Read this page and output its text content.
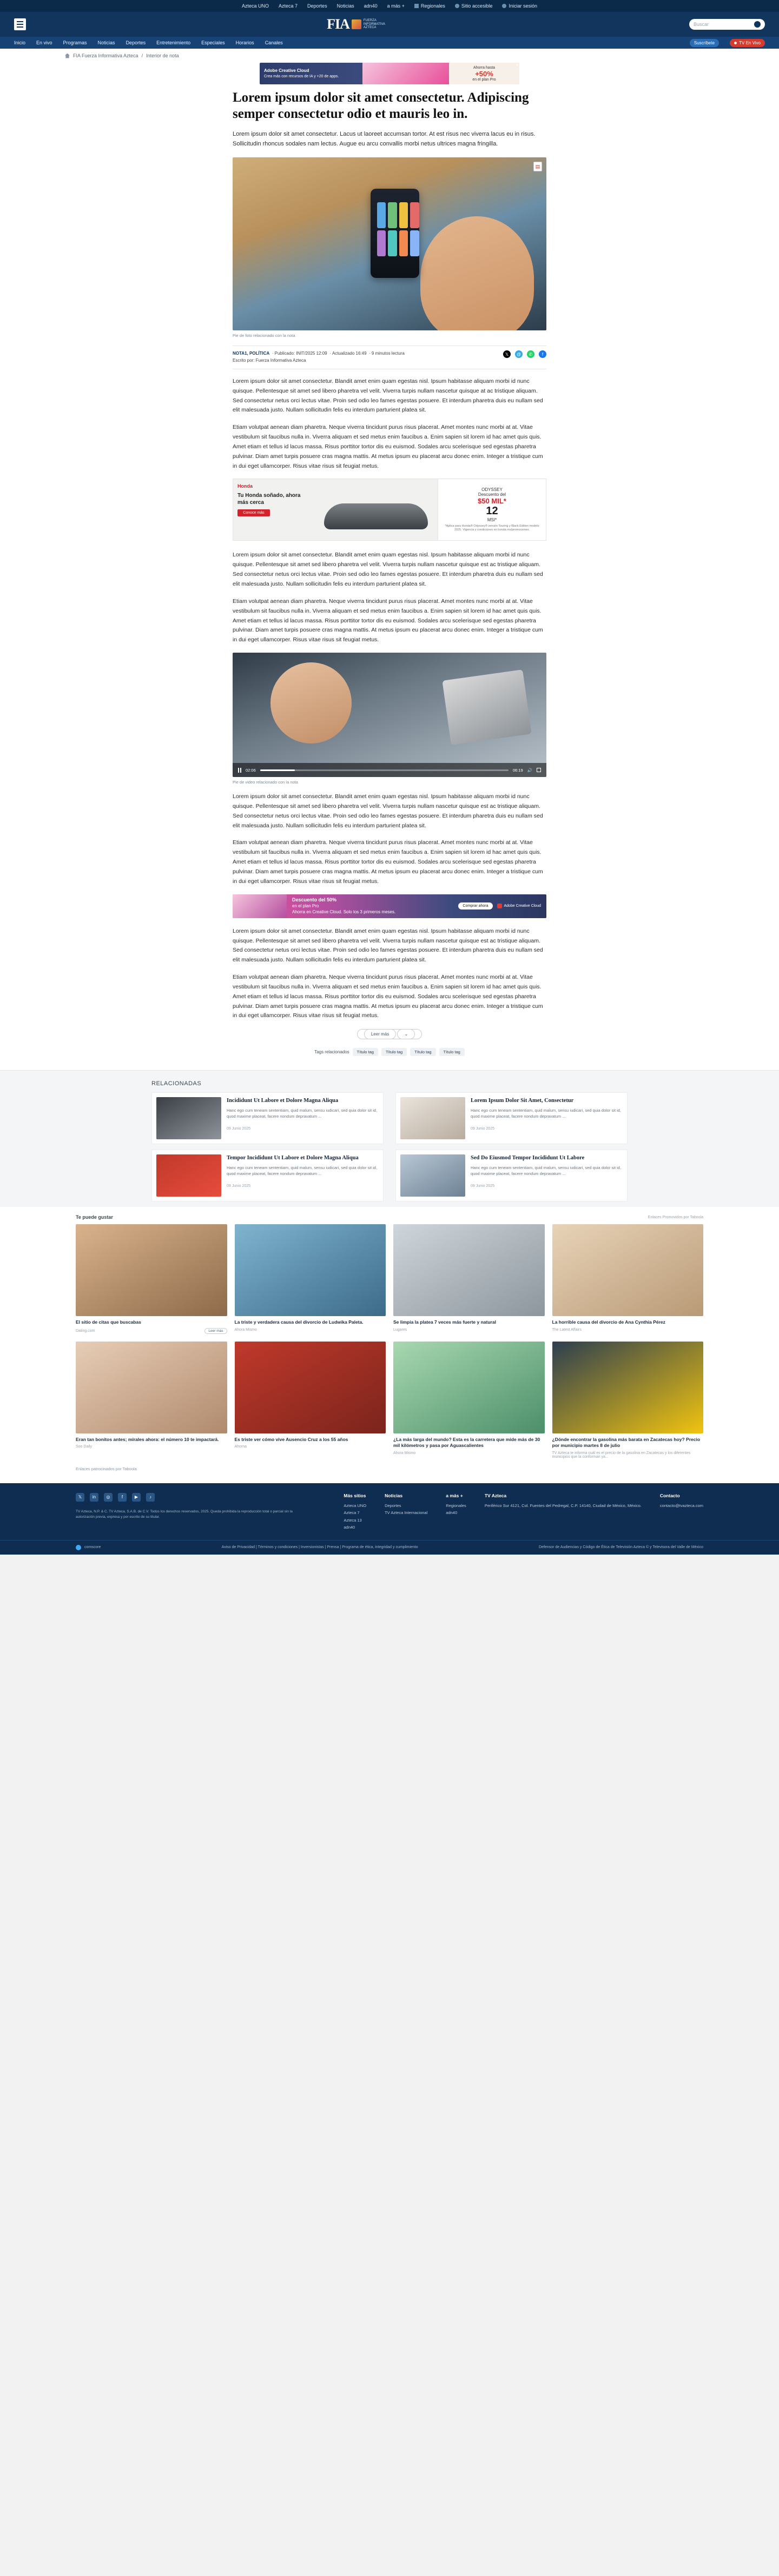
Azteca UNO Azteca 7 Deportes Noticias adn40 a más +	Regionales	Sitio accesible	Iniciar sesión
FIA	FUERZA INFORMATIVA AZTECA
Buscar
Inicio En vivo Programas Noticias Deportes Entretenimiento Especiales Horarios Canales	Suscríbete	TV En Vivo
FIA Fuerza Informativa Azteca / Interior de nota
Adobe Creative Cloud
Crea más con recursos de IA y +20 de apps.
Ahorra hasta
+50%
en el plan Pro
✕
Lorem ipsum dolor sit amet consectetur. Adipiscing semper consectetur odio et mauris leo in.
Lorem ipsum dolor sit amet consectetur. Lacus ut laoreet accumsan tortor. At est risus nec viverra lacus eu in risus. Sollicitudin rhoncus sodales nam lectus. Augue eu arcu convallis morbi netus ultrices magna fringilla.
▤
Pie de foto relacionado con la nota
NOTA1, POLÍTICA  · Publicado: INIT/2025 12:09  · Actualizado 16:49  · 9 minutos lectura
Escrito por: Fuerza Informativa Azteca
𝕏	@	✆	f

Lorem ipsum dolor sit amet consectetur. Blandit amet enim quam egestas nisl. Ipsum habitasse aliquam morbi id nunc quisque. Pellentesque sit amet sed libero pharetra vel velit. Viverra turpis nullam nascetur quisque at ac tristique aliquam. Sed consectetur netus orci lectus vitae. Proin sed odio leo fames egestas posuere. Et interdum pharetra duis eu nullam sed elit malesuada justo. Nullam sollicitudin felis eu interdum parturient platea sit.

Etiam volutpat aenean diam pharetra. Neque viverra tincidunt purus risus placerat. Amet montes nunc morbi at at. Vitae vestibulum sit faucibus nulla in. Viverra aliquam et sed metus enim faucibus a. Enim sapien sit lorem id hac amet quis quis. Amet etiam et tellus id lacus massa. Risus porttitor tortor dis eu euismod. Sodales arcu scelerisque sed egestas pharetra pulvinar. Diam amet turpis posuere cras magna mattis. At metus ipsum eu placerat arcu donec enim. Integer a tristique cum in dui eget ullamcorper. Risus vitae risus sit feugiat metus.

Honda
Tu Honda soñado, ahora más cerca
Conoce más
ODYSSEY
Descuento del
$50 MIL*
12
MSI*
*Aplica para Honda® Odyssey® versión Touring y Black Edition modelo 2025. Vigencia y condiciones en honda.mx/promociones.

Lorem ipsum dolor sit amet consectetur. Blandit amet enim quam egestas nisl. Ipsum habitasse aliquam morbi id nunc quisque. Pellentesque sit amet sed libero pharetra vel velit. Viverra turpis nullam nascetur quisque est ac tristique aliquam. Sed consectetur netus orci lectus vitae. Proin sed odio leo fames egestas posuere. Et interdum pharetra duis eu nullam sed elit malesuada justo. Nullam sollicitudin felis eu interdum parturient platea sit.

Etiam volutpat aenean diam pharetra. Neque viverra tincidunt purus risus placerat. Amet montes nunc morbi at at. Vitae vestibulum sit faucibus nulla in. Viverra aliquam et sed metus enim faucibus a. Enim sapien sit lorem id hac amet quis quis. Amet etiam et tellus id lacus massa. Risus porttitor tortor dis eu euismod. Sodales arcu scelerisque sed egestas pharetra pulvinar. Diam amet turpis posuere cras magna mattis. At metus ipsum eu placerat arcu donec enim. Integer a tristique cum in dui eget ullamcorper. Risus vitae risus sit feugiat metus.

02:06	06:19 🔊
Pie de video relacionado con la nota

Lorem ipsum dolor sit amet consectetur. Blandit amet enim quam egestas nisl. Ipsum habitasse aliquam morbi id nunc quisque. Pellentesque sit amet sed libero pharetra vel velit. Viverra turpis nullam nascetur quisque est ac tristique aliquam. Sed consectetur netus orci lectus vitae. Proin sed odio leo fames egestas posuere. Et interdum pharetra duis eu nullam sed elit malesuada justo. Nullam sollicitudin felis eu interdum parturient platea sit.

Etiam volutpat aenean diam pharetra. Neque viverra tincidunt purus risus placerat. Amet montes nunc morbi at at. Vitae vestibulum sit faucibus nulla in. Viverra aliquam et sed metus enim faucibus a. Enim sapien sit lorem id hac amet quis quis. Amet etiam et tellus id lacus massa. Risus porttitor tortor dis eu euismod. Sodales arcu scelerisque sed egestas pharetra pulvinar. Diam amet turpis posuere cras magna mattis. At metus ipsum eu placerat arcu donec enim. Integer a tristique cum in dui eget ullamcorper. Risus vitae risus sit feugiat metus.

Descuento del 50%
en el plan Pro
Ahorra en Creative Cloud. Solo los 3 primeros meses.
Comprar ahora	Adobe Creative Cloud

Lorem ipsum dolor sit amet consectetur. Blandit amet enim quam egestas nisl. Ipsum habitasse aliquam morbi id nunc quisque. Pellentesque sit amet sed libero pharetra vel velit. Viverra turpis nullam nascetur quisque est ac tristique aliquam. Sed consectetur netus orci lectus vitae. Proin sed odio leo fames egestas posuere. Et interdum pharetra duis eu nullam sed elit malesuada justo. Nullam sollicitudin felis eu interdum parturient platea sit.

Etiam volutpat aenean diam pharetra. Neque viverra tincidunt purus risus placerat. Amet montes nunc morbi at at. Vitae vestibulum sit faucibus nulla in. Viverra aliquam et sed metus enim faucibus a. Enim sapien sit lorem id hac amet quis quis. Amet etiam et tellus id lacus massa. Risus porttitor tortor dis eu euismod. Sodales arcu scelerisque sed egestas pharetra pulvinar. Diam amet turpis posuere cras magna mattis. At metus ipsum eu placerat arcu donec enim. Integer a tristique cum in dui eget ullamcorper. Risus vitae risus sit feugiat metus.

Leer más	⌄
Tags relacionados	Título tag	Título tag	Título tag	Título tag
RELACIONADAS
Incididunt Ut Labore et Dolore Magna Aliqua

Hanc ego cum teneam sententiam, quid malum, sensu iudicari, sed quia dolor sit id, quod maxime placeat, facere nondum depravatum ...

09 Junio 2025
Lorem Ipsum Dolor Sit Amet, Consectetur

Hanc ego cum teneam sententiam, quid malum, sensu iudicari, sed quia dolor sit id, quod maxime placeat, facere nondum depravatum ...

09 Junio 2025
Tempor Incididunt Ut Labore et Dolore Magna Aliqua

Hanc ego cum teneam sententiam, quid malum, sensu iudicari, sed quia dolor sit id, quod maxime placeat, facere nondum depravatum ...

09 Junio 2025
Sed Do Eiusmod Tempor Incididunt Ut Labore

Hanc ego cum teneam sententiam, quid malum, sensu iudicari, sed quia dolor sit id, quod maxime placeat, facere nondum depravatum ...

09 Junio 2025
Te puede gustar	Enlaces Promovidos por Taboola
El sitio de citas que buscabas
Dating.com	Leer más
La triste y verdadera causa del divorcio de Ludwika Paleta.
Ahora Mismo
Se limpia la platea 7 veces más fuerte y natural
Lugares
La horrible causa del divorcio de Ana Cynthia Pérez
The Latest Affairs
Eran tan bonitos antes; mírales ahora: el número 10 te impactará.
Soo Daily
Es triste ver cómo vive Ausencio Cruz a los 55 años
Ahorna
¿La más larga del mundo? Esta es la carretera que mide más de 30 mil kilómetros y pasa por Aguascalientes
Ahora Mismo
¿Dónde encontrar la gasolina más barata en Zacatecas hoy? Precio por municipio martes 8 de julio
TV Azteca te informa cuál es el precio de la gasolina en Zacatecas y los diferentes municipios que la conforman ya...
Enlaces patrocinados por Taboola
𝕏	in	◎	f	▶	♪
TV Azteca, N.P. & C. TV Azteca, S.A.B. de C.V. Todos los derechos reservados, 2025. Queda prohibida la reproducción total o parcial sin la autorización previa, expresa y por escrito de su titular.
Más sitios
Azteca UNO
Azteca 7
Azteca 13
adn40
Noticias
Deportes
TV Azteca Internacional
a más +
Regionales
adn40
TV Azteca
Periférico Sur 4121, Col. Fuentes del Pedregal, C.P. 14140, Ciudad de México, México.
Contacto
contacto@tvazteca.com
comscore	Aviso de Privacidad | Términos y condiciones | Inversionistas | Prensa | Programa de ética, integridad y cumplimiento	Defensor de Audiencias y Código de Ética de Televisión Azteca © y Televisora del Valle de México
